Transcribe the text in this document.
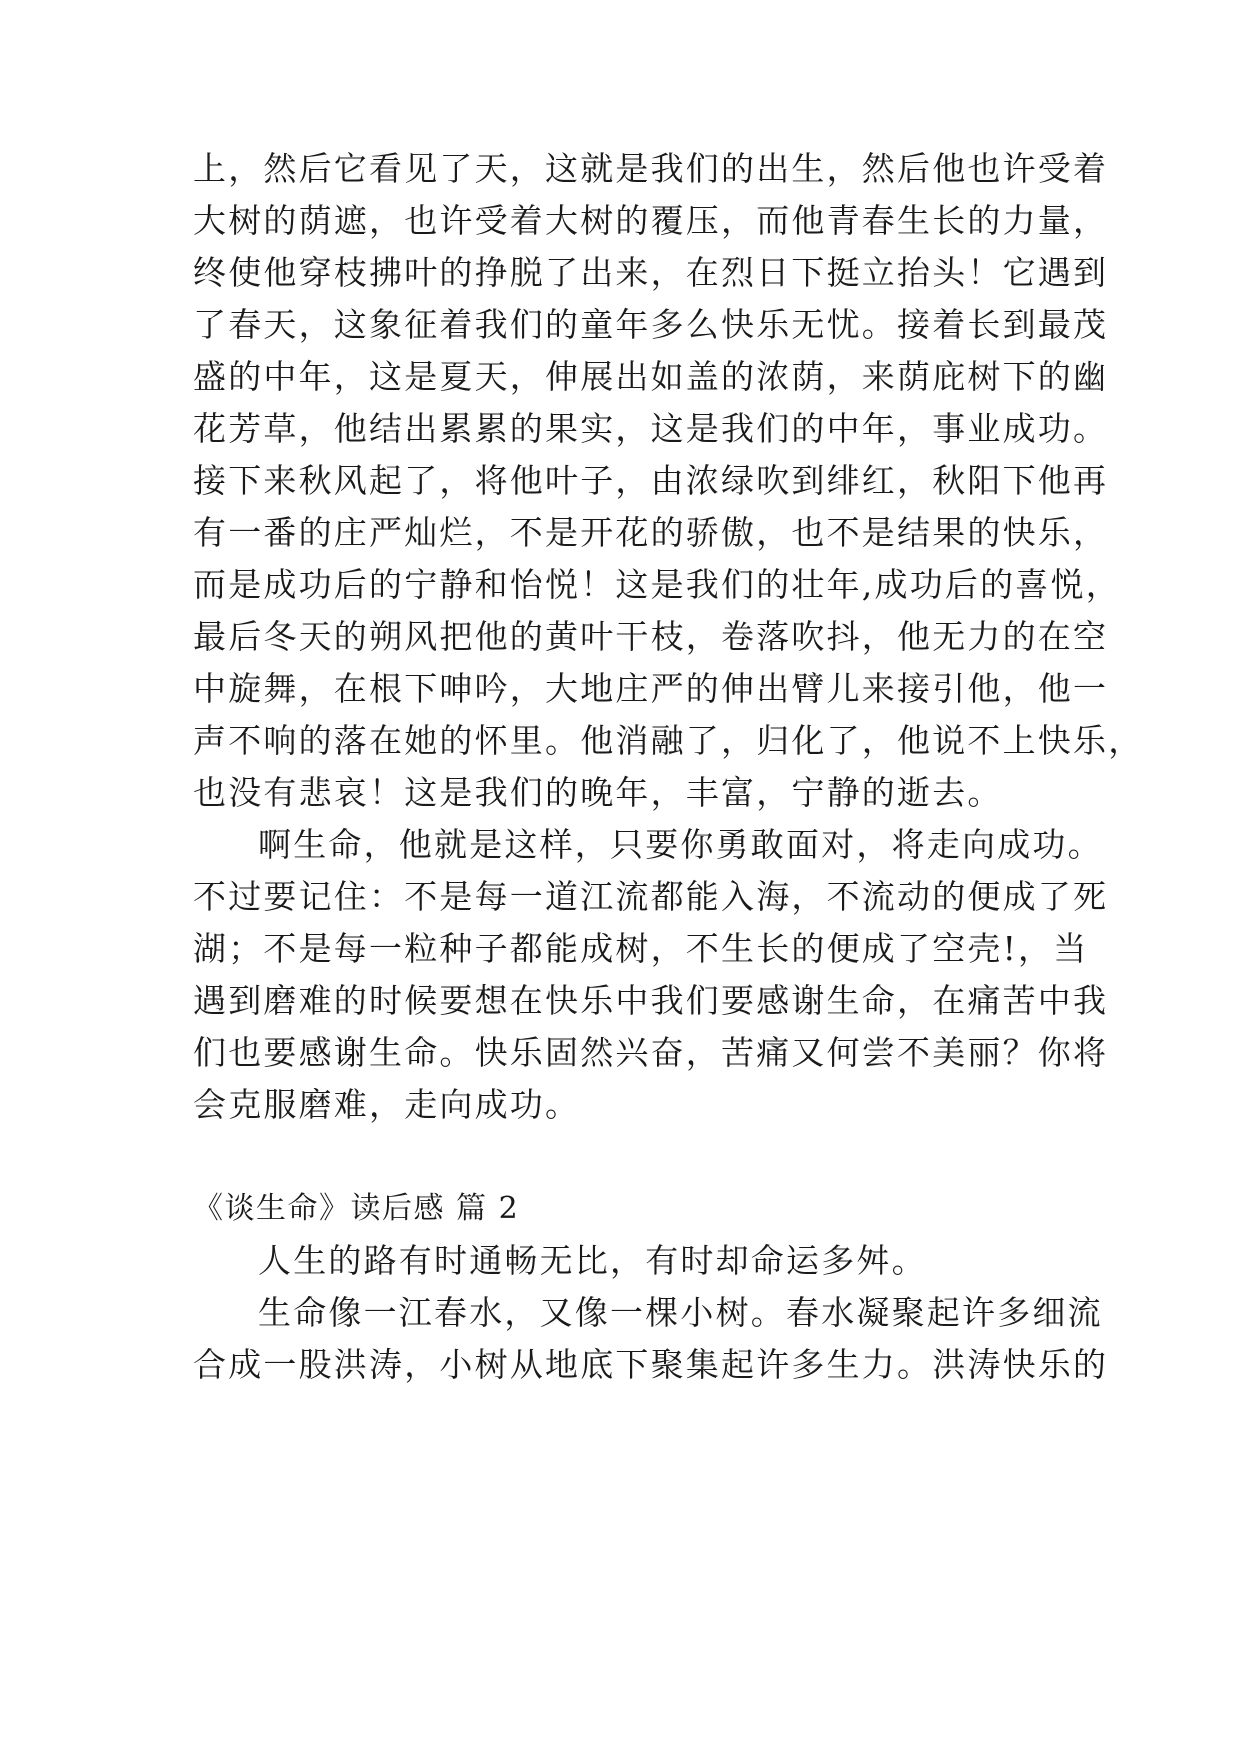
上，然后它看见了天，这就是我们的出生，然后他也许受着
大树的荫遮，也许受着大树的覆压，而他青春生长的力量，
终使他穿枝拂叶的挣脱了出来，在烈日下挺立抬头！它遇到
了春天，这象征着我们的童年多么快乐无忧。接着长到最茂
盛的中年，这是夏天，伸展出如盖的浓荫，来荫庇树下的幽
花芳草，他结出累累的果实，这是我们的中年，事业成功。
接下来秋风起了，将他叶子，由浓绿吹到绯红，秋阳下他再
有一番的庄严灿烂，不是开花的骄傲，也不是结果的快乐，
而是成功后的宁静和怡悦！这是我们的壮年,成功后的喜悦，
最后冬天的朔风把他的黄叶干枝，卷落吹抖，他无力的在空
中旋舞，在根下呻吟，大地庄严的伸出臂儿来接引他，他一
声不响的落在她的怀里。他消融了，归化了，他说不上快乐，
也没有悲哀！这是我们的晚年，丰富，宁静的逝去。
啊生命，他就是这样，只要你勇敢面对，将走向成功。
不过要记住：不是每一道江流都能入海，不流动的便成了死
湖；不是每一粒种子都能成树，不生长的便成了空壳!，当
遇到磨难的时候要想在快乐中我们要感谢生命，在痛苦中我
们也要感谢生命。快乐固然兴奋，苦痛又何尝不美丽？你将
会克服磨难，走向成功。
《谈生命》读后感 篇 2
人生的路有时通畅无比，有时却命运多舛。
生命像一江春水，又像一棵小树。春水凝聚起许多细流
合成一股洪涛，小树从地底下聚集起许多生力。洪涛快乐的
